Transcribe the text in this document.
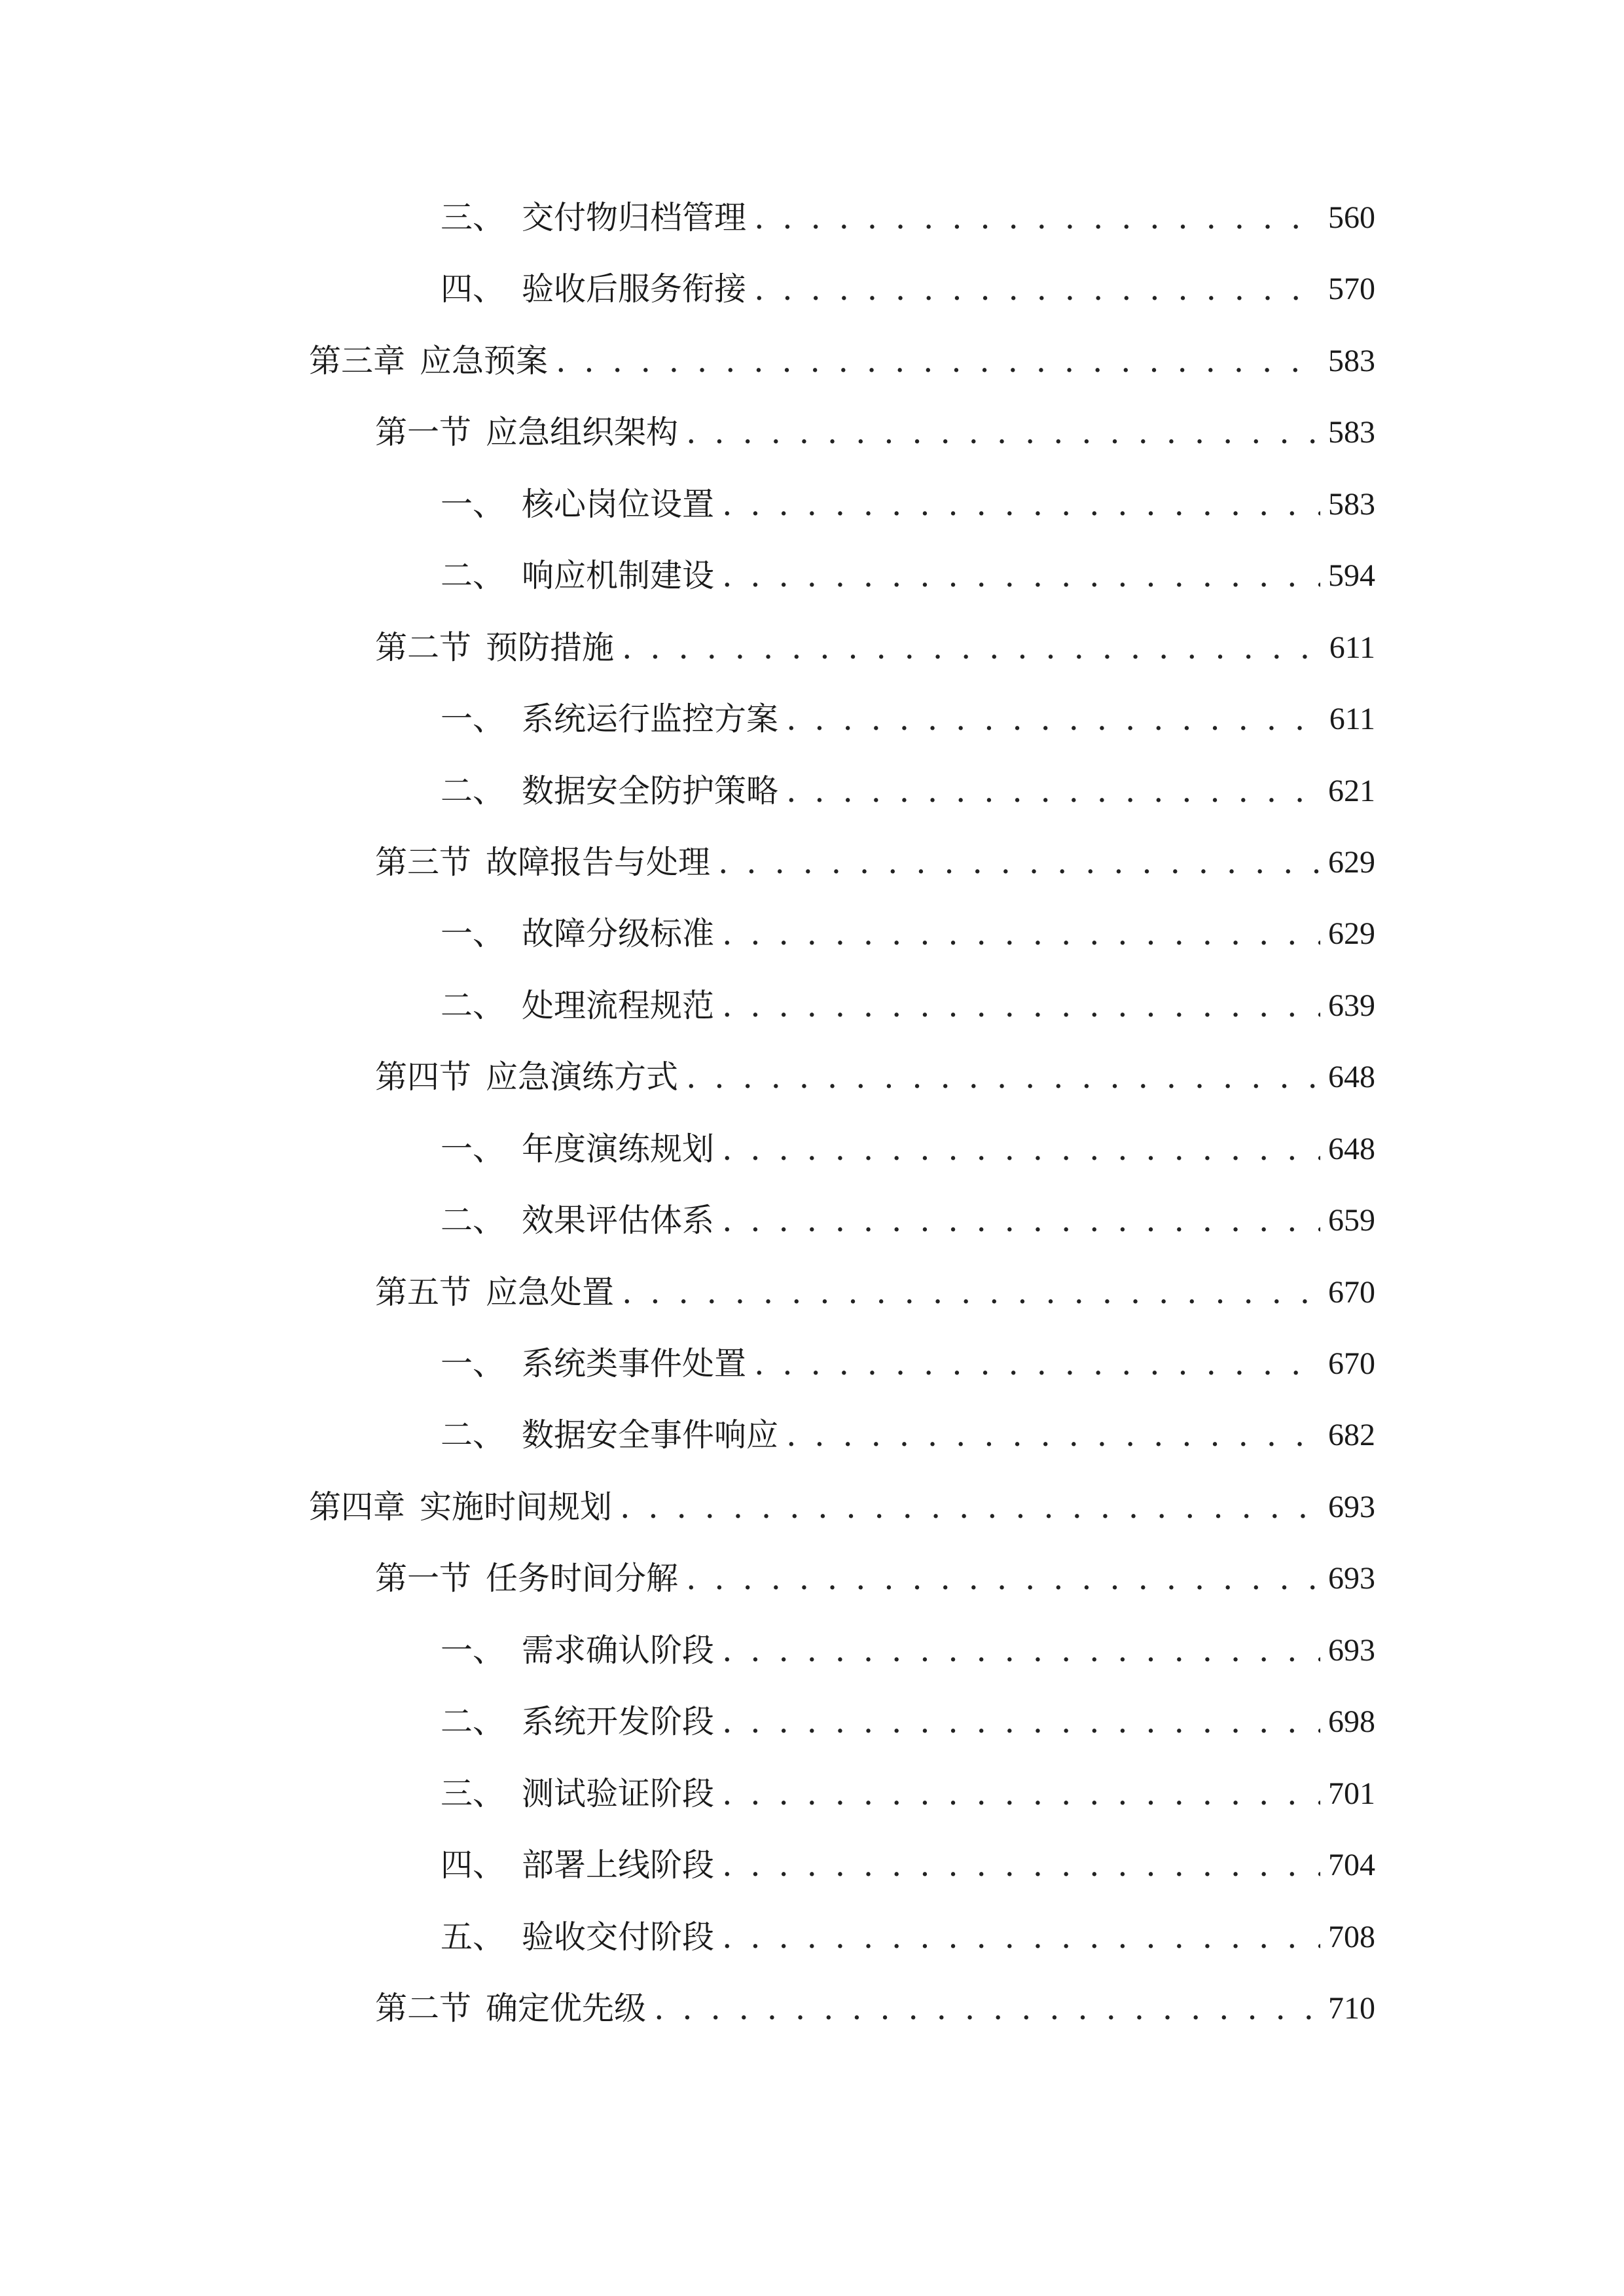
三、 交付物归档管理 . . .	560
四、 验收后服务衔接 . . .	570
第三章 应急预案 . . .	583
第一节 应急组织架构 . . .	583
一、 核心岗位设置 . . .	583
二、 响应机制建设 . . .	594
第二节 预防措施 . . .	611
一、 系统运行监控方案 . . .	611
二、 数据安全防护策略 . . .	621
第三节 故障报告与处理 . . .	629
一、 故障分级标准 . . .	629
二、 处理流程规范 . . .	639
第四节 应急演练方式 . . .	648
一、 年度演练规划 . . .	648
二、 效果评估体系 . . .	659
第五节 应急处置 . . .	670
一、 系统类事件处置 . . .	670
二、 数据安全事件响应 . . .	682
第四章 实施时间规划 . . .	693
第一节 任务时间分解 . . .	693
一、 需求确认阶段 . . .	693
二、 系统开发阶段 . . .	698
三、 测试验证阶段 . . .	701
四、 部署上线阶段 . . .	704
五、 验收交付阶段 . . .	708
第二节 确定优先级 . . .	710
